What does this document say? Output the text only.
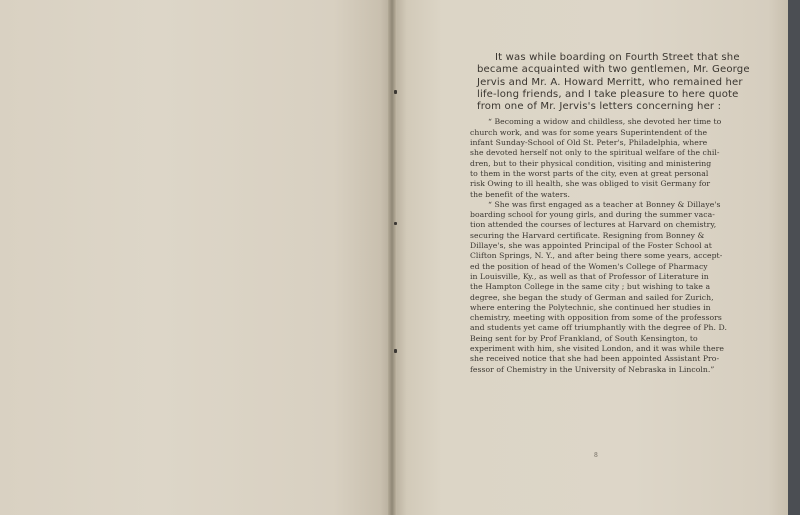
It was while boarding on Fourth Street that she
became acquainted with two gentlemen, Mr. George
Jervis and Mr. A. Howard Merritt, who remained her
life-long friends, and I take pleasure to here quote
from one of Mr. Jervis's letters concerning her :
“ Becoming a widow and childless, she devoted her time to
church work, and was for some years Superintendent of the
infant Sunday-School of Old St. Peter's, Philadelphia, where
she devoted herself not only to the spiritual welfare of the chil-
dren, but to their physical condition, visiting and ministering
to them in the worst parts of the city, even at great personal
risk Owing to ill health, she was obliged to visit Germany for
the benefit of the waters.
“ She was first engaged as a teacher at Bonney & Dillaye's
boarding school for young girls, and during the summer vaca-
tion attended the courses of lectures at Harvard on chemistry,
securing the Harvard certificate. Resigning from Bonney &
Dillaye's, she was appointed Principal of the Foster School at
Clifton Springs, N. Y., and after being there some years, accept-
ed the position of head of the Women's College of Pharmacy
in Louisville, Ky., as well as that of Professor of Literature in
the Hampton College in the same city ; but wishing to take a
degree, she began the study of German and sailed for Zurich,
where entering the Polytechnic, she continued her studies in
chemistry, meeting with opposition from some of the professors
and students yet came off triumphantly with the degree of Ph. D.
Being sent for by Prof Frankland, of South Kensington, to
experiment with him, she visited London, and it was while there
she received notice that she had been appointed Assistant Pro-
fessor of Chemistry in the University of Nebraska in Lincoln.”
8
